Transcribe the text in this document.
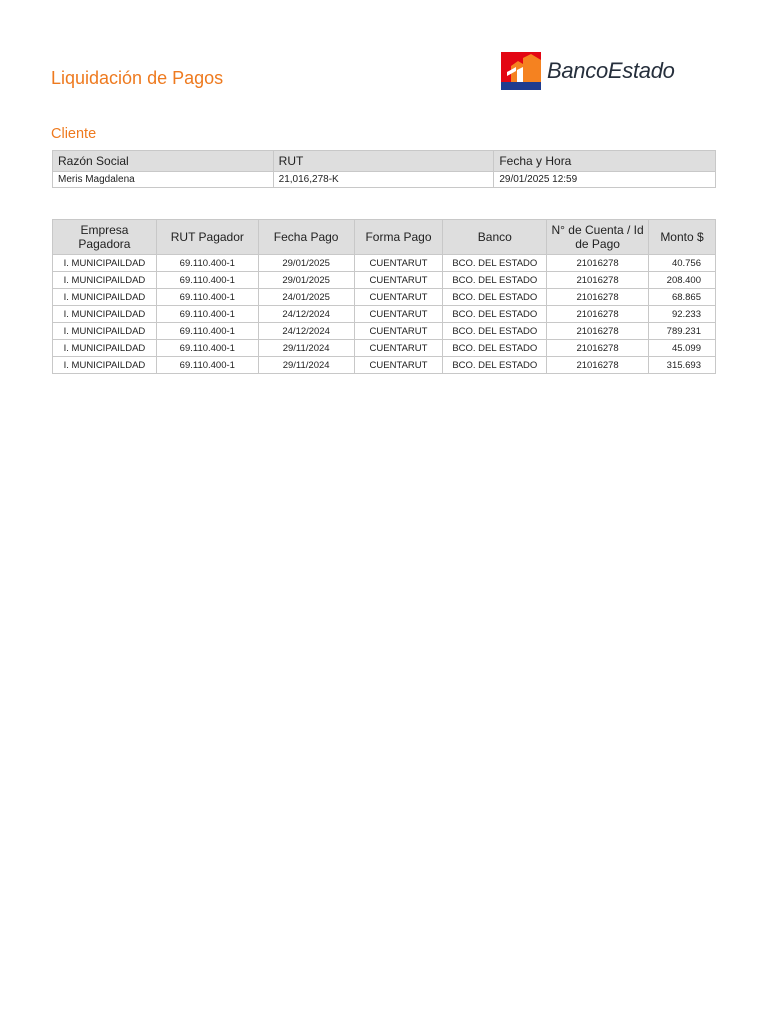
Liquidación de Pagos	BancoEstado
Cliente
Razón Social	RUT	Fecha y Hora
Meris Magdalena	21,016,278-K	29/01/2025 12:59
Empresa Pagadora	RUT Pagador	Fecha Pago	Forma Pago	Banco	N° de Cuenta / Id de Pago	Monto $
I. MUNICIPAILDAD	69.110.400-1	29/01/2025	CUENTARUT	BCO. DEL ESTADO	21016278	40.756
I. MUNICIPAILDAD	69.110.400-1	29/01/2025	CUENTARUT	BCO. DEL ESTADO	21016278	208.400
I. MUNICIPAILDAD	69.110.400-1	24/01/2025	CUENTARUT	BCO. DEL ESTADO	21016278	68.865
I. MUNICIPAILDAD	69.110.400-1	24/12/2024	CUENTARUT	BCO. DEL ESTADO	21016278	92.233
I. MUNICIPAILDAD	69.110.400-1	24/12/2024	CUENTARUT	BCO. DEL ESTADO	21016278	789.231
I. MUNICIPAILDAD	69.110.400-1	29/11/2024	CUENTARUT	BCO. DEL ESTADO	21016278	45.099
I. MUNICIPAILDAD	69.110.400-1	29/11/2024	CUENTARUT	BCO. DEL ESTADO	21016278	315.693
